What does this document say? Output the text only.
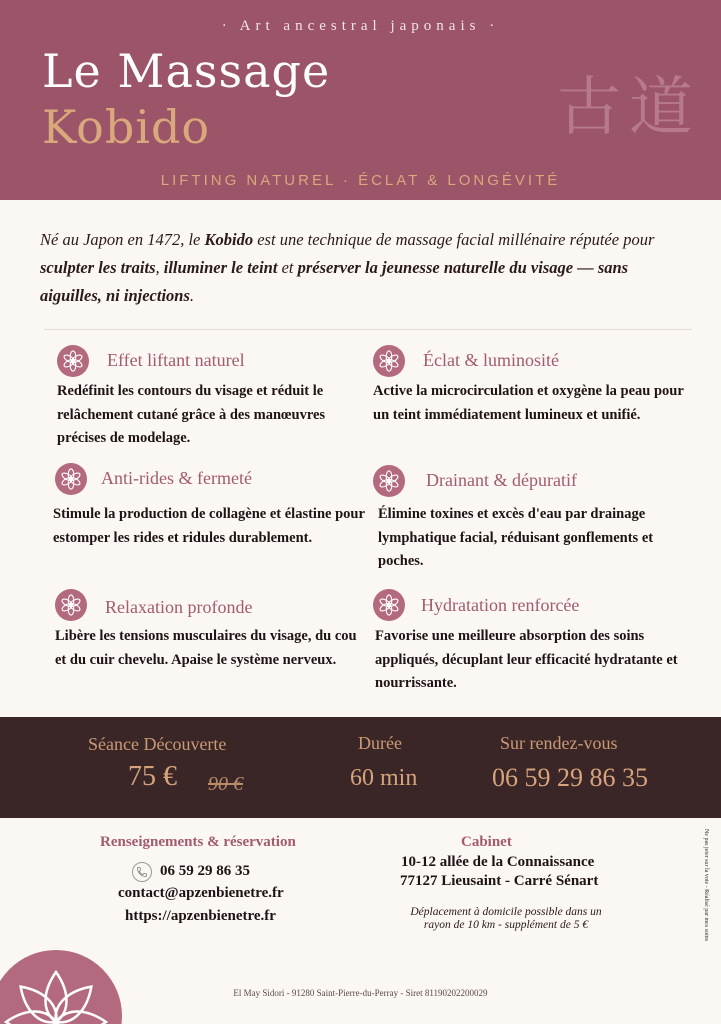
· Art ancestral japonais ·
Le Massage
Kobido	古道
LIFTING NATUREL · ÉCLAT & LONGÉVITÉ
Né au Japon en 1472, le Kobido est une technique de massage facial millénaire réputée pour sculpter les traits, illuminer le teint et préserver la jeunesse naturelle du visage — sans aiguilles, ni injections.
Effet liftant naturel
Redéfinit les contours du visage et réduit le relâchement cutané grâce à des manœuvres précises de modelage.
Éclat & luminosité
Active la microcirculation et oxygène la peau pour un teint immédiatement lumineux et unifié.
Anti-rides & fermeté
Stimule la production de collagène et élastine pour estomper les rides et ridules durablement.
Drainant & dépuratif
Élimine toxines et excès d'eau par drainage lymphatique facial, réduisant gonflements et poches.
Relaxation profonde
Libère les tensions musculaires du visage, du cou et du cuir chevelu. Apaise le système nerveux.
Hydratation renforcée
Favorise une meilleure absorption des soins appliqués, décuplant leur efficacité hydratante et nourrissante.
Séance Découverte
75 € 90 €
Durée
60 min
Sur rendez-vous
06 59 29 86 35
Renseignements & réservation
06 59 29 86 35
contact@apzenbienetre.fr
https://apzenbienetre.fr
Cabinet
10-12 allée de la Connaissance
77127 Lieusaint - Carré Sénart
Déplacement à domicile possible dans un
rayon de 10 km - supplément de 5 €	Ne pas jeter sur la voie - Réalisé par mes soins
El May Sidori - 91280 Saint-Pierre-du-Perray - Siret 81190202200029
